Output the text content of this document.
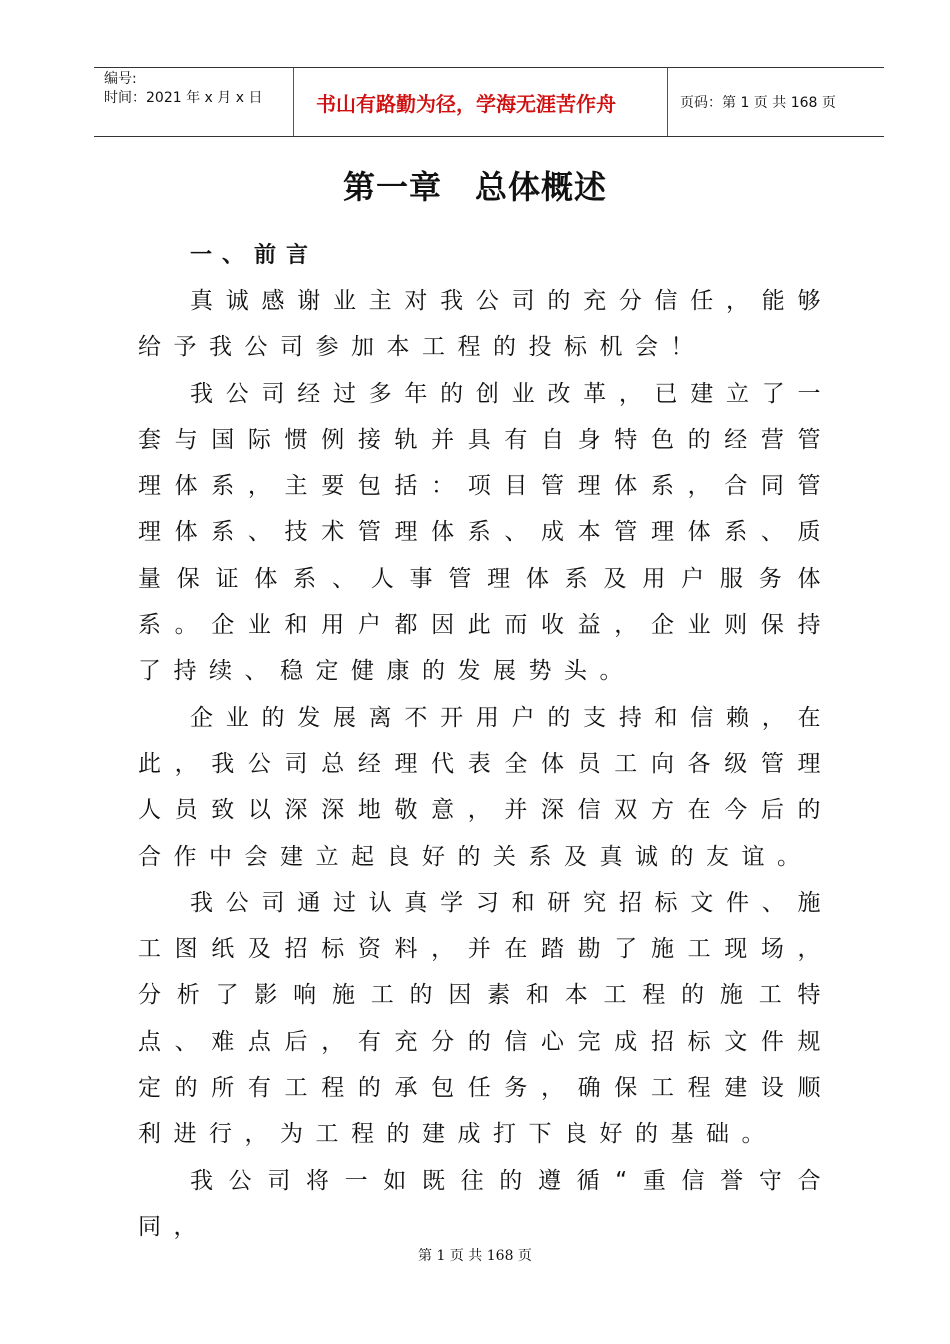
编号:
时间：2021 年 x 月 x 日	书山有路勤为径，学海无涯苦作舟	页码：第 1 页 共 168 页
第一章　总体概述
一、前言

真诚感谢业主对我公司的充分信任，能够给予我公司参加本工程的投标机会！

我公司经过多年的创业改革，已建立了一套与国际惯例接轨并具有自身特色的经营管理体系，主要包括：项目管理体系，合同管理体系、技术管理体系、成本管理体系、质量保证体系、人事管理体系及用户服务体系。企业和用户都因此而收益，企业则保持了持续、稳定健康的发展势头。

企业的发展离不开用户的支持和信赖，在此，我公司总经理代表全体员工向各级管理人员致以深深地敬意，并深信双方在今后的合作中会建立起良好的关系及真诚的友谊。

我公司通过认真学习和研究招标文件、施工图纸及招标资料，并在踏勘了施工现场，分析了影响施工的因素和本工程的施工特点、难点后，有充分的信心完成招标文件规定的所有工程的承包任务，确保工程建设顺利进行，为工程的建成打下良好的基础。

我公司将一如既往的遵循“重信誉守合同，

第 1 页 共 168 页
